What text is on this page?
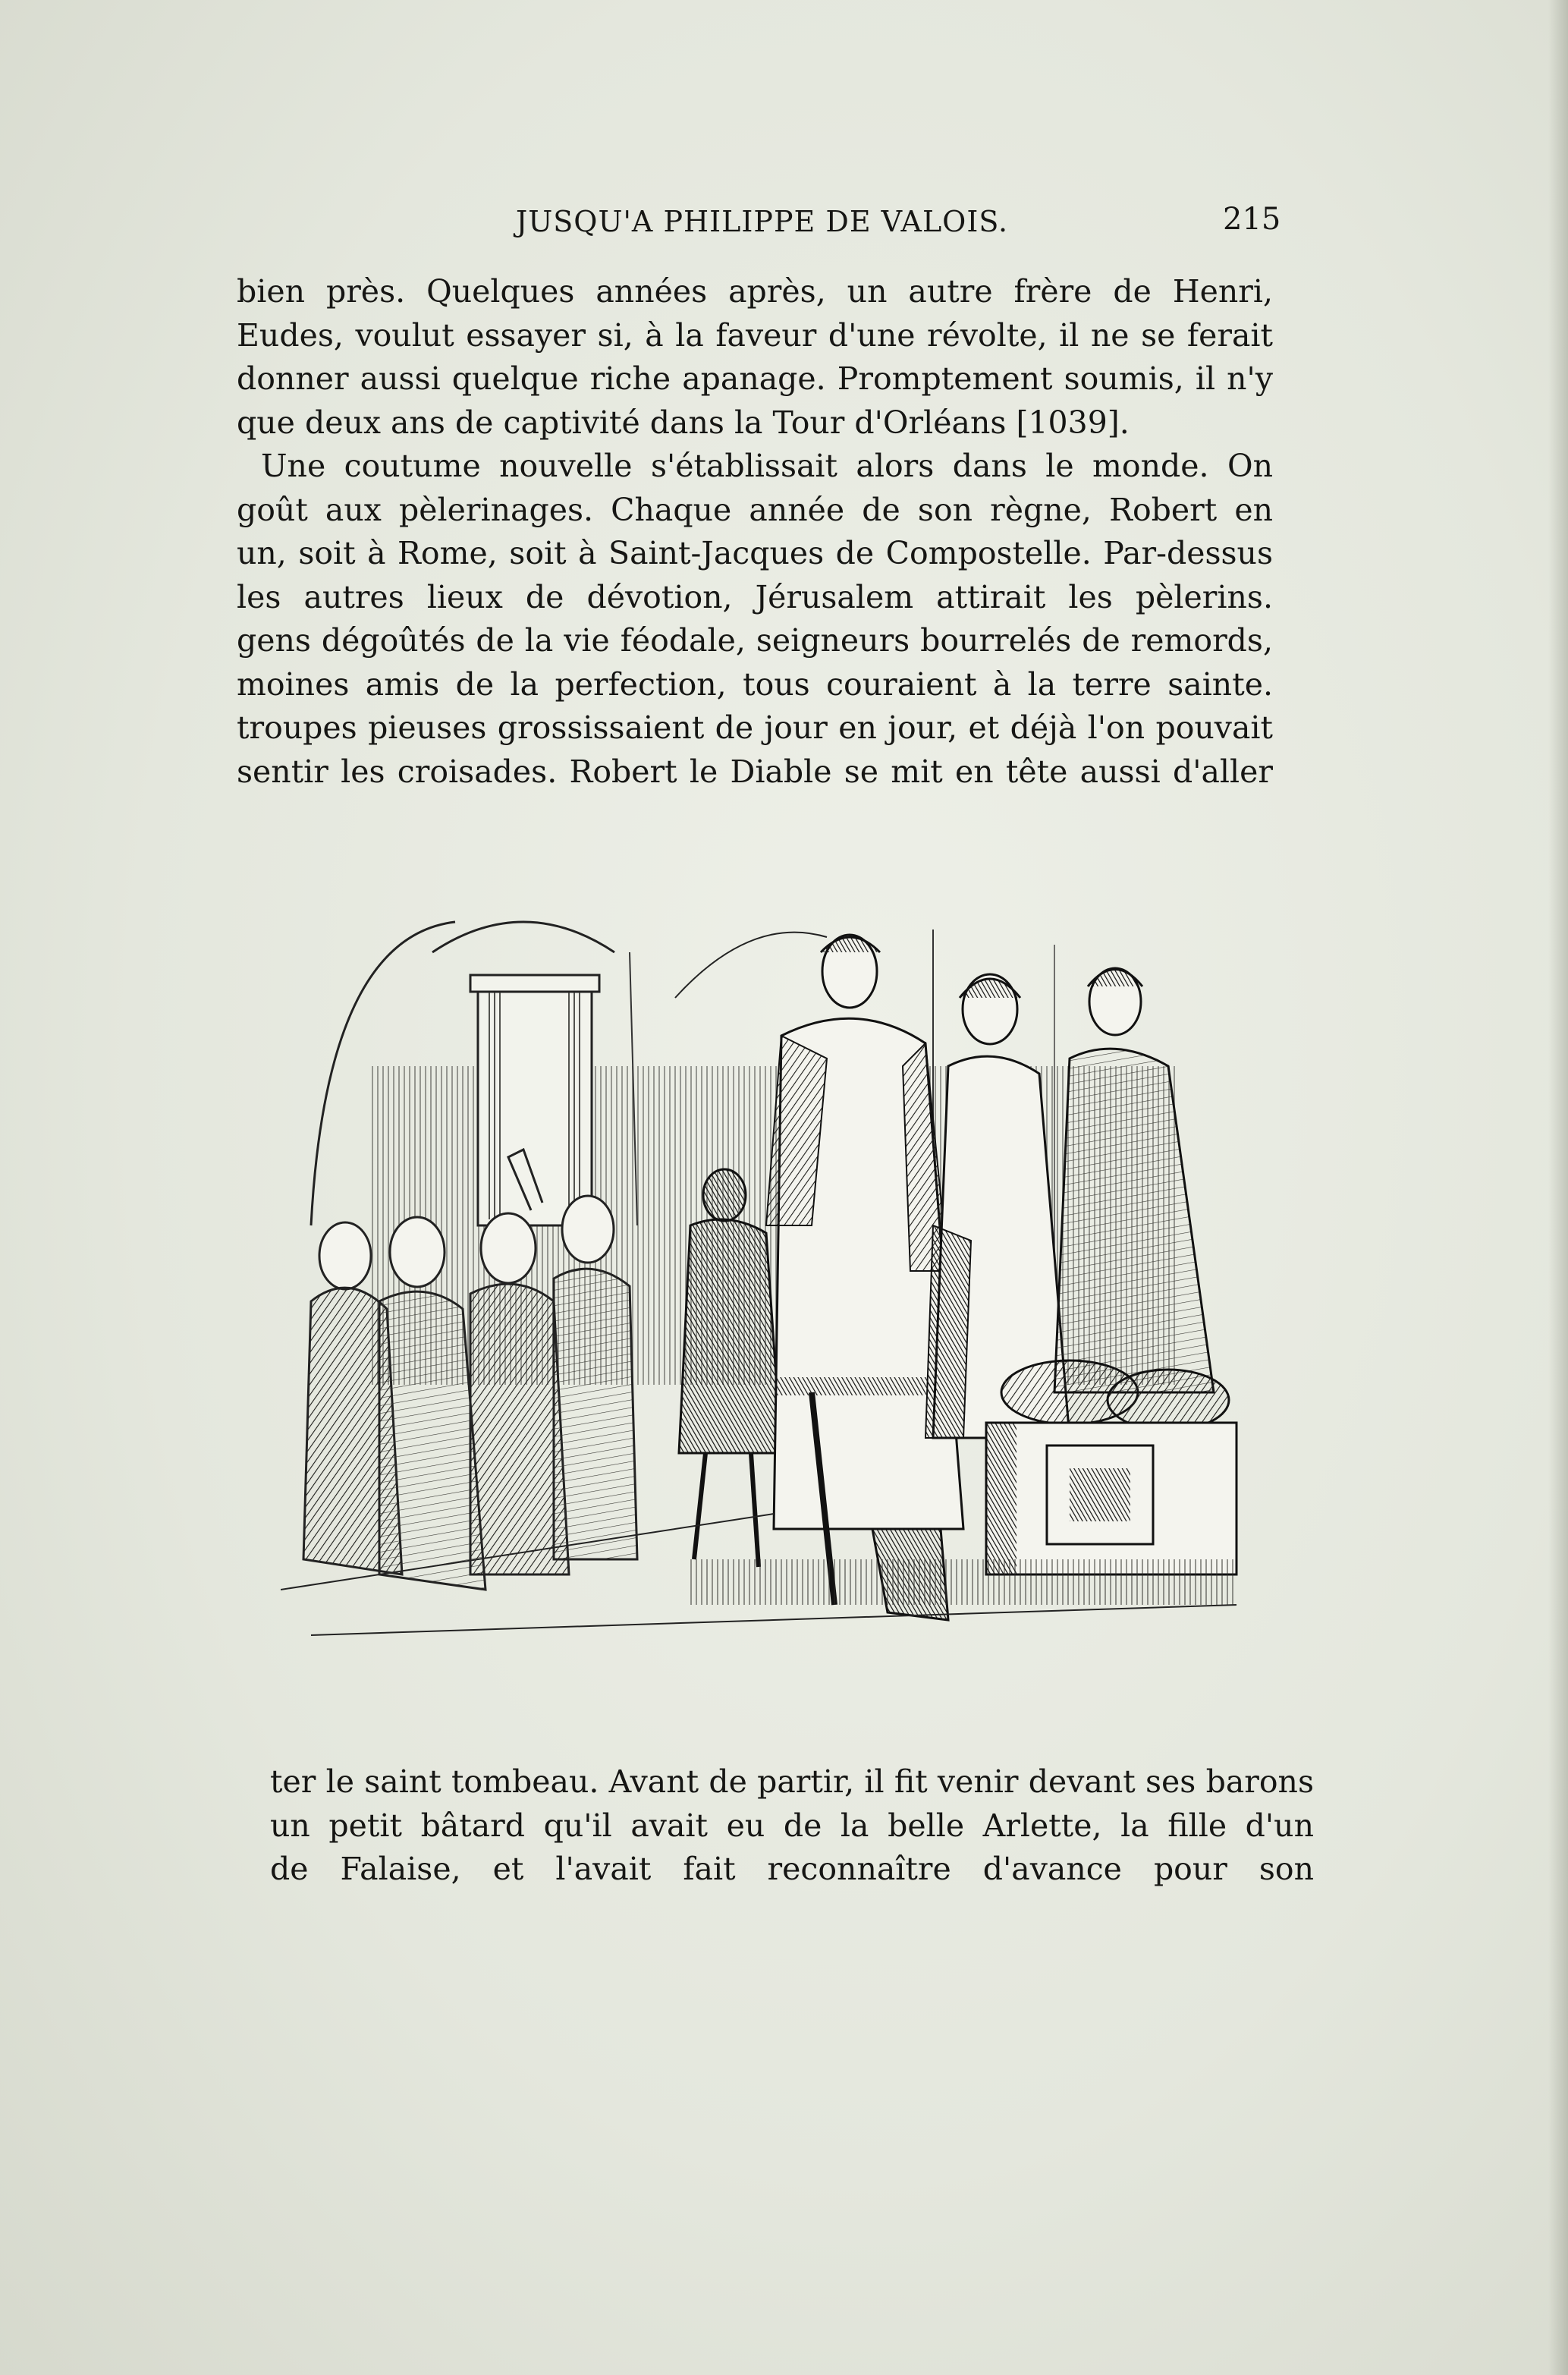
JUSQU'A PHILIPPE DE VALOIS.	215
bien près. Quelques années après, un autre frère de Henri,
Eudes, voulut essayer si, à la faveur d'une révolte, il ne se ferait
donner aussi quelque riche apanage. Promptement soumis, il n'y
que deux ans de captivité dans la Tour d'Orléans [1039].
Une coutume nouvelle s'établissait alors dans le monde. On
goût aux pèlerinages. Chaque année de son règne, Robert en
un, soit à Rome, soit à Saint-Jacques de Compostelle. Par-dessus
les autres lieux de dévotion, Jérusalem attirait les pèlerins.
gens dégoûtés de la vie féodale, seigneurs bourrelés de remords,
moines amis de la perfection, tous couraient à la terre sainte.
troupes pieuses grossissaient de jour en jour, et déjà l'on pouvait
sentir les croisades. Robert le Diable se mit en tête aussi d'aller
ter le saint tombeau. Avant de partir, il fit venir devant ses barons
un petit bâtard qu'il avait eu de la belle Arlette, la fille d'un
de Falaise, et l'avait fait reconnaître d'avance pour son
